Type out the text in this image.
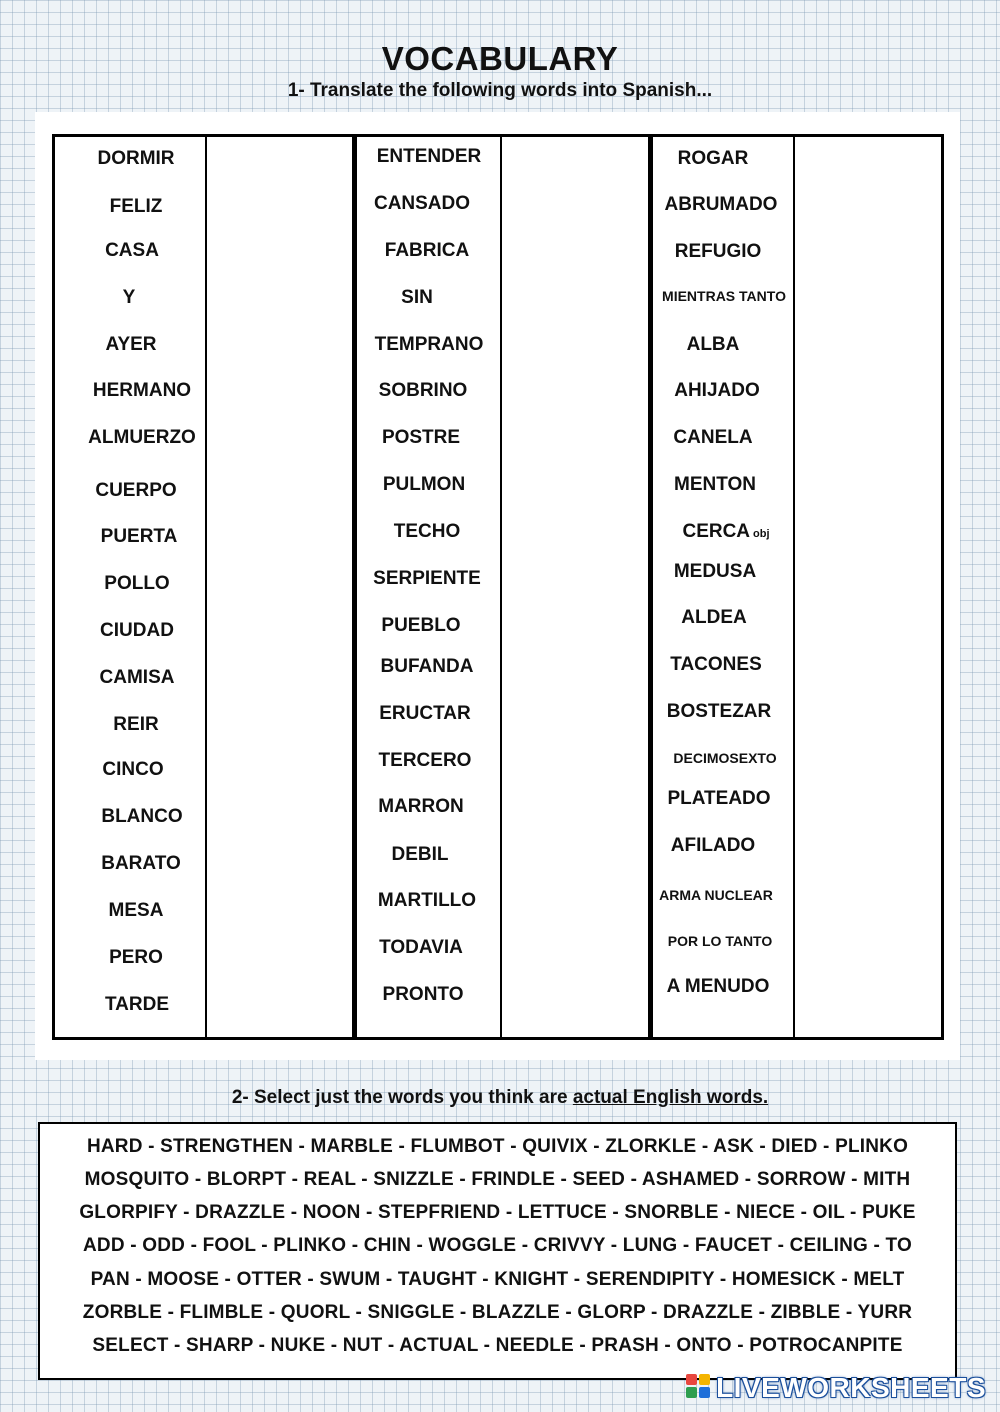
VOCABULARY
1- Translate the following words into Spanish...
DORMIR
FELIZ
CASA
Y
AYER
HERMANO
ALMUERZO
CUERPO
PUERTA
POLLO
CIUDAD
CAMISA
REIR
CINCO
BLANCO
BARATO
MESA
PERO
TARDE
ENTENDER
CANSADO
FABRICA
SIN
TEMPRANO
SOBRINO
POSTRE
PULMON
TECHO
SERPIENTE
PUEBLO
BUFANDA
ERUCTAR
TERCERO
MARRON
DEBIL
MARTILLO
TODAVIA
PRONTO
ROGAR
ABRUMADO
REFUGIO
MIENTRAS TANTO
ALBA
AHIJADO
CANELA
MENTON
CERCA obj
MEDUSA
ALDEA
TACONES
BOSTEZAR
DECIMOSEXTO
PLATEADO
AFILADO
ARMA NUCLEAR
POR LO TANTO
A MENUDO
2- Select just the words you think are actual English words.
HARD - STRENGTHEN - MARBLE - FLUMBOT - QUIVIX - ZLORKLE - ASK - DIED - PLINKO
MOSQUITO - BLORPT - REAL - SNIZZLE - FRINDLE - SEED - ASHAMED - SORROW - MITH
GLORPIFY - DRAZZLE - NOON - STEPFRIEND - LETTUCE - SNORBLE - NIECE - OIL - PUKE
ADD - ODD - FOOL - PLINKO - CHIN - WOGGLE - CRIVVY - LUNG - FAUCET - CEILING - TO
PAN - MOOSE - OTTER - SWUM - TAUGHT - KNIGHT - SERENDIPITY - HOMESICK - MELT
ZORBLE - FLIMBLE - QUORL - SNIGGLE - BLAZZLE - GLORP - DRAZZLE - ZIBBLE - YURR
SELECT - SHARP - NUKE - NUT - ACTUAL - NEEDLE - PRASH - ONTO - POTROCANPITE
LIVEWORKSHEETS
